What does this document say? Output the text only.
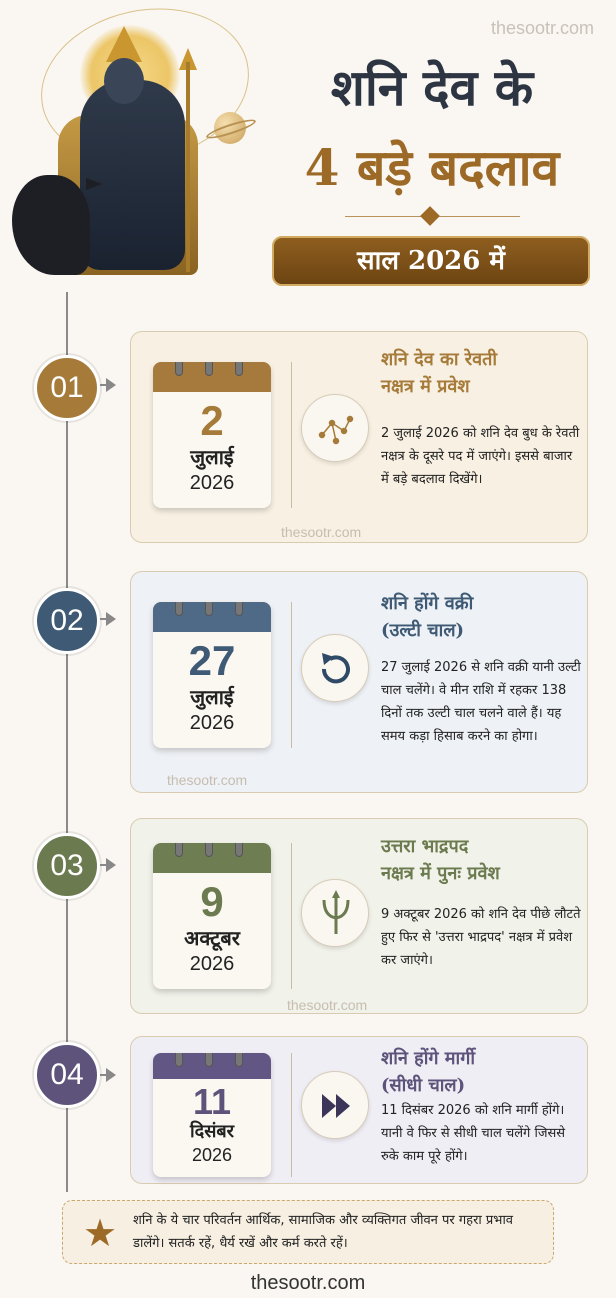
thesootr.com
शनि देव के
4 बड़े बदलाव
साल 2026 में
01
2
जुलाई
2026
शनि देव का रेवती
नक्षत्र में प्रवेश
2 जुलाई 2026 को शनि देव बुध के रेवती नक्षत्र के दूसरे पद में जाएंगे। इससे बाजार में बड़े बदलाव दिखेंगे।
thesootr.com
02
27
जुलाई
2026
शनि होंगे वक्री
(उल्टी चाल)
27 जुलाई 2026 से शनि वक्री यानी उल्टी चाल चलेंगे। वे मीन राशि में रहकर 138 दिनों तक उल्टी चाल चलने वाले हैं। यह समय कड़ा हिसाब करने का होगा।
thesootr.com
03
9
अक्टूबर
2026
उत्तरा भाद्रपद
नक्षत्र में पुनः प्रवेश
9 अक्टूबर 2026 को शनि देव पीछे लौटते हुए फिर से 'उत्तरा भाद्रपद' नक्षत्र में प्रवेश कर जाएंगे।
thesootr.com
04
11
दिसंबर
2026
शनि होंगे मार्गी
(सीधी चाल)
11 दिसंबर 2026 को शनि मार्गी होंगे। यानी वे फिर से सीधी चाल चलेंगे जिससे रुके काम पूरे होंगे।
★ शनि के ये चार परिवर्तन आर्थिक, सामाजिक और व्यक्तिगत जीवन पर गहरा प्रभाव डालेंगे। सतर्क रहें, धैर्य रखें और कर्म करते रहें।
thesootr.com
